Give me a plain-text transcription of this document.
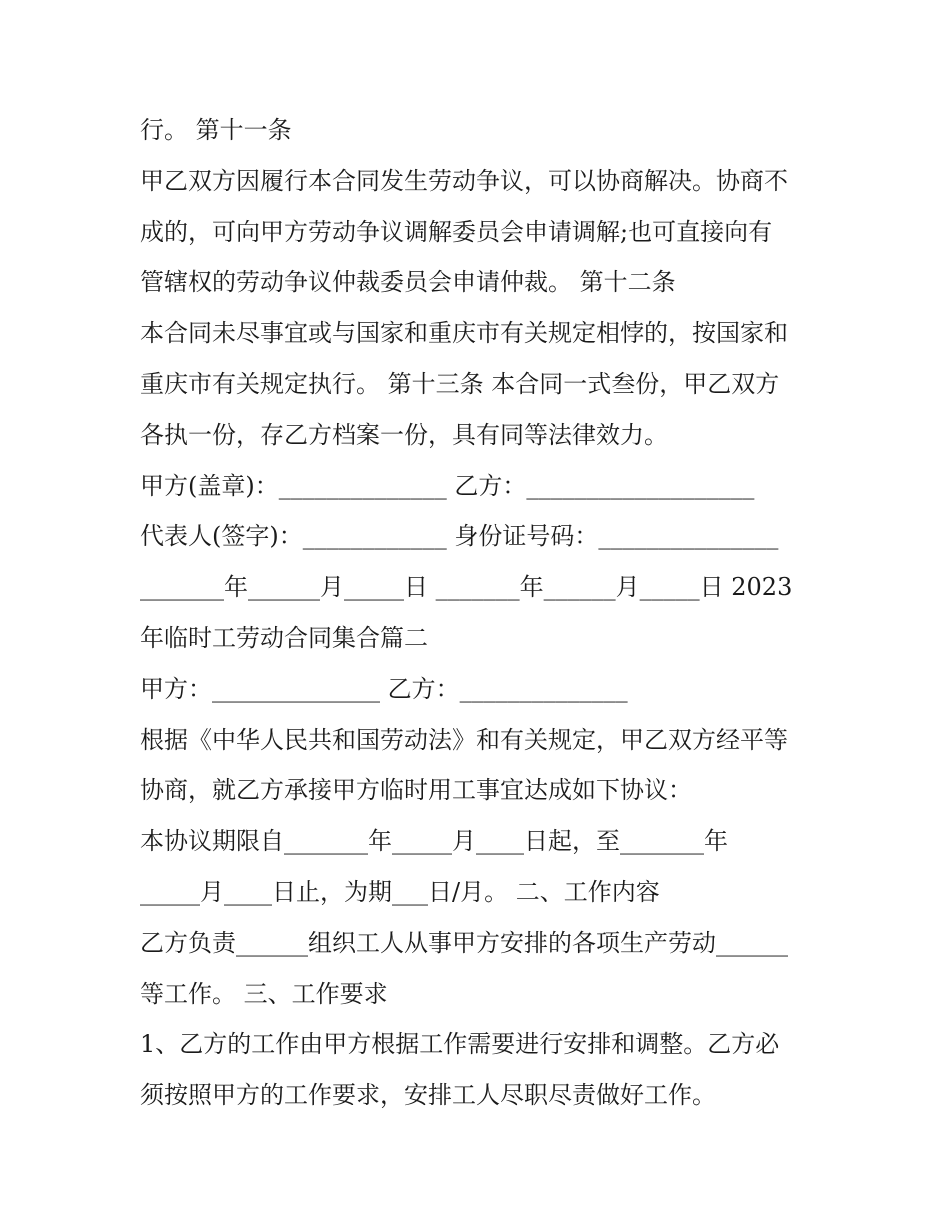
行。 第十一条
甲乙双方因履行本合同发生劳动争议，可以协商解决。协商不
成的，可向甲方劳动争议调解委员会申请调解;也可直接向有
管辖权的劳动争议仲裁委员会申请仲裁。 第十二条
本合同未尽事宜或与国家和重庆市有关规定相悖的，按国家和
重庆市有关规定执行。 第十三条 本合同一式叁份，甲乙双方
各执一份，存乙方档案一份，具有同等法律效力。
甲方(盖章)：______________ 乙方：___________________
代表人(签字)：____________ 身份证号码：_______________
_______年______月_____日 _______年______月_____日 2023
年临时工劳动合同集合篇二
甲方：______________ 乙方：______________
根据《中华人民共和国劳动法》和有关规定，甲乙双方经平等
协商，就乙方承接甲方临时用工事宜达成如下协议：
本协议期限自_______年_____月____日起，至_______年
_____月____日止，为期___日/月。 二、工作内容
乙方负责______组织工人从事甲方安排的各项生产劳动______
等工作。 三、工作要求
1、乙方的工作由甲方根据工作需要进行安排和调整。乙方必
须按照甲方的工作要求，安排工人尽职尽责做好工作。
